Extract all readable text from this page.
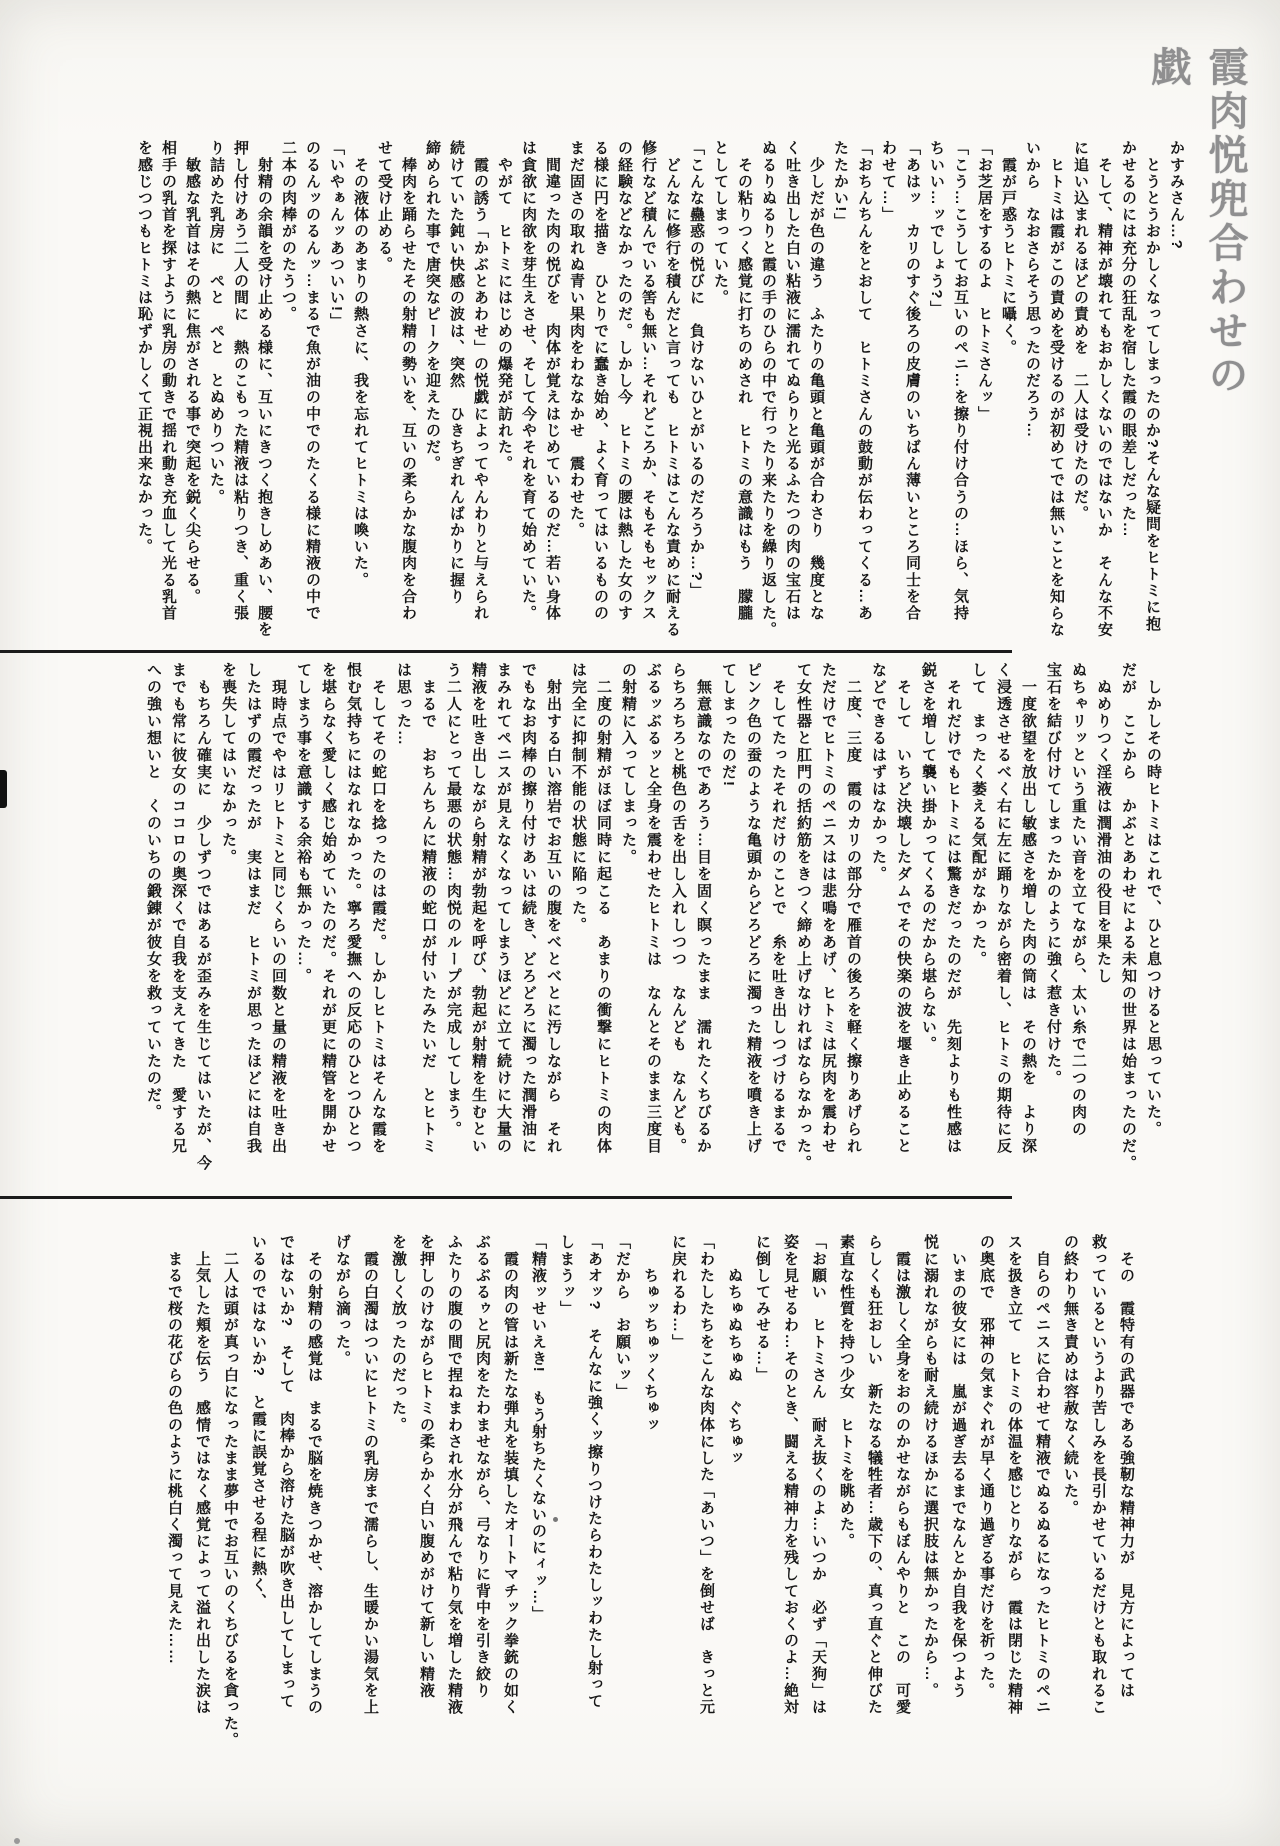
霞肉悦兜合わせの戯

かすみさん…?

　とうとうおかしくなってしまったのか?そんな疑問をヒトミに抱

かせるのには充分の狂乱を宿した霞の眼差しだった…

　そして、精神が壊れてもおかしくないのではないか　そんな不安

に追い込まれるほどの責めを　二人は受けたのだ。

　ヒトミは霞がこの責めを受けるのが初めてでは無いことを知らな

いから　なおさらそう思ったのだろう…

　霞が戸惑うヒトミに囁く。

「お芝居をするのよ　ヒトミさんッ」

「こう…こうしてお互いのペニ…を擦り付け合うの…ほら、気持

ちいい…ッでしょう?」

「あはッ　カリのすぐ後ろの皮膚のいちばん薄いところ同士を合

わせて…」

「おちんちんをとおして　ヒトミさんの鼓動が伝わってくる…あ

たたかい!」

　少しだが色の違う　ふたりの亀頭と亀頭が合わさり　幾度とな

く吐き出した白い粘液に濡れてぬらりと光るふたつの肉の宝石は

ぬるりぬるりと霞の手のひらの中で行ったり来たりを繰り返した。

　その粘りつく感覚に打ちのめされ　ヒトミの意識はもう　朦朧

としてしまっていた。

「こんな蠱惑の悦びに　負けないひとがいるのだろうか…?」

　どんなに修行を積んだと言っても　ヒトミはこんな責めに耐える

修行など積んでいる筈も無い…それどころか、そもそもセックス

の経験などなかったのだ。しかし今　ヒトミの腰は熱した女のす

る様に円を描き　ひとりでに蠢き始め、よく育ってはいるものの

まだ固さの取れぬ青い果肉をわななかせ　震わせた。

　間違った肉の悦びを　肉体が覚えはじめているのだ…若い身体

は貪欲に肉欲を芽生えさせ、そして今やそれを育て始めていた。

　やがて　ヒトミにはじめの爆発が訪れた。

　霞の誘う「かぶとあわせ」の悦戯によってやんわりと与えられ

続けていた鈍い快感の波は、突然　ひきちぎれんばかりに握り

締められた事で唐突なピークを迎えたのだ。

　棒肉を踊らせたその射精の勢いを、互いの柔らかな腹肉を合わ

せて受け止める。

　その液体のあまりの熱さに、我を忘れてヒトミは喚いた。

「いやぁんッあついい!」

のるんッのるんッ…まるで魚が油の中でのたくる様に精液の中で

二本の肉棒がのたうつ。

　射精の余韻を受け止める様に、互いにきつく抱きしめあい、腰を

押し付けあう二人の間に　熱のこもった精液は粘りつき、重く張

り詰めた乳房に　ぺと　ぺと　とぬめりついた。

　敏感な乳首はその熱に焦がされる事で突起を鋭く尖らせる。

相手の乳首を探すように乳房の動きで揺れ動き充血して光る乳首

を感じつつもヒトミは恥ずかしくて正視出来なかった。

　しかしその時ヒトミはこれで、ひと息つけると思っていた。

だが　ここから　かぶとあわせによる未知の世界は始まったのだ。

　ぬめりつく淫液は潤滑油の役目を果たし

ぬちゃリッという重たい音を立てながら、太い糸で二つの肉の

宝石を結び付けてしまったかのように強く惹き付けた。

　一度欲望を放出し敏感さを増した肉の筒は　その熱を　より深

く浸透させるべく右に左に踊りながら密着し、ヒトミの期待に反

して　まったく萎える気配がなかった。

　それだけでもヒトミには驚きだったのだが　先刻よりも性感は

鋭さを増して襲い掛かってくるのだから堪らない。

　そして　いちど決壊したダムでその快楽の波を堰き止めること

などできるはずはなかった。

　二度、三度　霞のカリの部分で雁首の後ろを軽く擦りあげられ

ただけでヒトミのペニスはは悲鳴をあげ、ヒトミは尻肉を震わせ

て女性器と肛門の括約筋をきつく締め上げなければならなかった。

　そしてたったそれだけのことで　糸を吐き出しつづけるまるで

ピンク色の蚕のような亀頭からどろどろに濁った精液を噴き上げ

てしまったのだ!

　無意識なのであろう…目を固く瞑ったまま　濡れたくちびるか

らちろちろと桃色の舌を出し入れしつつ　なんども　なんども。

ぶるッぶるッと全身を震わせたヒトミは　なんとそのまま三度目

の射精に入ってしまった。

　二度の射精がほぼ同時に起こる　あまりの衝撃にヒトミの肉体

は完全に抑制不能の状態に陥った。

　射出する白い溶岩でお互いの腹をべとべとに汚しながら　それ

でもなお肉棒の擦り付けあいは続き、どろどろに濁った潤滑油に

まみれてペニスが見えなくなってしまうほどに立て続けに大量の

精液を吐き出しながら射精が勃起を呼び、勃起が射精を生むとい

う二人にとって最悪の状態…肉悦のループが完成してしまう。

　まるで　おちんちんに精液の蛇口が付いたみたいだ　とヒトミ

は思った…

　そしてその蛇口を捻ったのは霞だ。しかしヒトミはそんな霞を

恨む気持ちにはなれなかった。寧ろ愛撫への反応のひとつひとつ

を堪らなく愛しく感じ始めていたのだ。それが更に精管を開かせ

てしまう事を意識する余裕も無かった…。

　現時点でやはリヒトミと同じくらいの回数と量の精液を吐き出

したはずの霞だったが　実はまだ　ヒトミが思ったほどには自我

を喪失してはいなかった。

　もちろん確実に　少しずつではあるが歪みを生じてはいたが、今

までも常に彼女のココロの奥深くで自我を支えてきた　愛する兄

への強い想いと　くのいちの鍛錬が彼女を救っていたのだ。

　その　霞特有の武器である強靭な精神力が　見方によっては

救っているというより苦しみを長引かせているだけとも取れるこ

の終わり無き責めは容赦なく続いた。

　自らのペニスに合わせて精液でぬるぬるになったヒトミのペニ

スを扱き立て　ヒトミの体温を感じとりながら　霞は閉じた精神

の奥底で　邪神の気まぐれが早く通り過ぎる事だけを祈った。

　いまの彼女には　嵐が過ぎ去るまでなんとか自我を保つよう

悦に溺れながらも耐え続けるほかに選択肢は無かったから…。

　霞は激しく全身をおののかせながらもぼんやりと　この　可愛

らしくも狂おしい　新たなる犠牲者…歳下の、真っ直ぐと伸びた

素直な性質を持つ少女　ヒトミを眺めた。

「お願い　ヒトミさん　耐え抜くのよ…いつか　必ず「天狗」は

姿を見せるわ…そのとき、闘える精神力を残しておくのよ…絶対

に倒してみせる…」

　　ぬちゅぬちゅぬ　ぐちゅッ

「わたしたちをこんな肉体にした「あいつ」を倒せば　きっと元

に戻れるわ…」

　　ちゅッちゅッくちゅッ

「だから　お願いッ」

「あオッ?　そんなに強くッ擦りつけたらわたしッわたし射って

しまうッ」

「精液ッせいえき!　もう射ちたくないのにィッ…」

　霞の肉の管は新たな弾丸を装填したオートマチック拳銃の如く

ぶるぶるゥと尻肉をたわませながら、弓なりに背中を引き絞り

ふたりの腹の間で捏ねまわされ水分が飛んで粘り気を増した精液

を押しのけながらヒトミの柔らかく白い腹めがけて新しい精液

を激しく放ったのだった。

　霞の白濁はついにヒトミの乳房まで濡らし、生暖かい湯気を上

げながら滴った。

　その射精の感覚は　まるで脳を焼きつかせ、溶かしてしまうの

ではないか?　そして　肉棒から溶けた脳が吹き出してしまって

いるのではないか?　と霞に誤覚させる程に熱く、

　二人は頭が真っ白になったまま夢中でお互いのくちびるを貪った。

　上気した頬を伝う　感情ではなく感覚によって溢れ出した涙は

　まるで桜の花びらの色のように桃白く濁って見えた……
